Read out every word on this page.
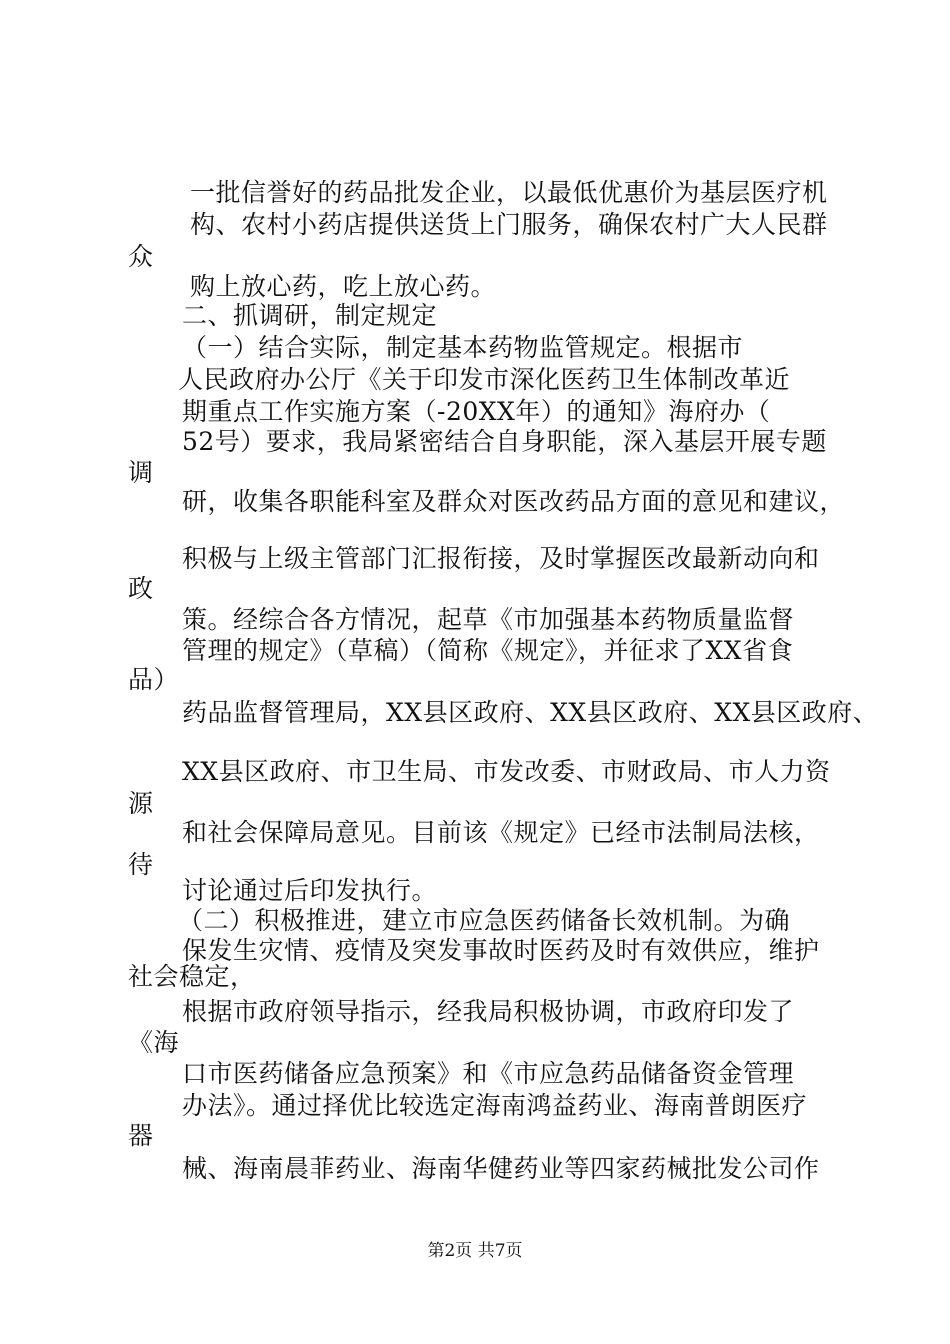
一批信誉好的药品批发企业，以最低优惠价为基层医疗机
构、农村小药店提供送货上门服务，确保农村广大人民群
众
购上放心药，吃上放心药。
二、抓调研，制定规定
（一）结合实际，制定基本药物监管规定。根据市
人民政府办公厅《关于印发市深化医药卫生体制改革近
期重点工作实施方案（-20XX年）的通知》海府办（
52号）要求，我局紧密结合自身职能，深入基层开展专题
调
研，收集各职能科室及群众对医改药品方面的意见和建议，
积极与上级主管部门汇报衔接，及时掌握医改最新动向和
政
策。经综合各方情况，起草《市加强基本药物质量监督
管理的规定》（草稿）（简称《规定》，并征求了XX省食
品）
药品监督管理局，XX县区政府、XX县区政府、XX县区政府、
XX县区政府、市卫生局、市发改委、市财政局、市人力资
源
和社会保障局意见。目前该《规定》已经市法制局法核，
待
讨论通过后印发执行。
（二）积极推进，建立市应急医药储备长效机制。为确
保发生灾情、疫情及突发事故时医药及时有效供应，维护
社会稳定，
根据市政府领导指示，经我局积极协调，市政府印发了
《海
口市医药储备应急预案》和《市应急药品储备资金管理
办法》。通过择优比较选定海南鸿益药业、海南普朗医疗
器
械、海南晨菲药业、海南华健药业等四家药械批发公司作
第2页 共7页
